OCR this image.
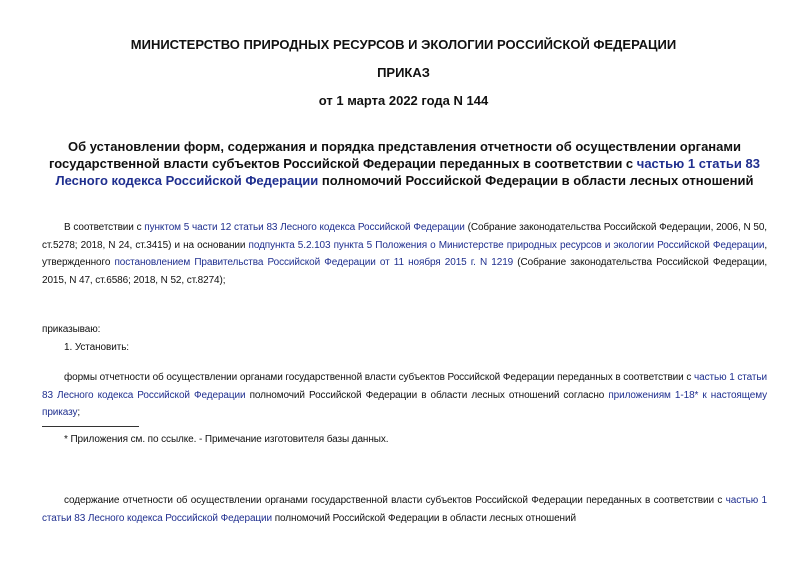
МИНИСТЕРСТВО ПРИРОДНЫХ РЕСУРСОВ И ЭКОЛОГИИ РОССИЙСКОЙ ФЕДЕРАЦИИ
ПРИКАЗ
от 1 марта 2022 года N 144
Об установлении форм, содержания и порядка представления отчетности об осуществлении органами государственной власти субъектов Российской Федерации переданных в соответствии с частью 1 статьи 83 Лесного кодекса Российской Федерации полномочий Российской Федерации в области лесных отношений
В соответствии с пунктом 5 части 12 статьи 83 Лесного кодекса Российской Федерации (Собрание законодательства Российской Федерации, 2006, N 50, ст.5278; 2018, N 24, ст.3415) и на основании подпункта 5.2.103 пункта 5 Положения о Министерстве природных ресурсов и экологии Российской Федерации, утвержденного постановлением Правительства Российской Федерации от 11 ноября 2015 г. N 1219 (Собрание законодательства Российской Федерации, 2015, N 47, ст.6586; 2018, N 52, ст.8274);
приказываю:
1. Установить:
формы отчетности об осуществлении органами государственной власти субъектов Российской Федерации переданных в соответствии с частью 1 статьи 83 Лесного кодекса Российской Федерации полномочий Российской Федерации в области лесных отношений согласно приложениям 1-18* к настоящему приказу;
* Приложения см. по ссылке. - Примечание изготовителя базы данных.
содержание отчетности об осуществлении органами государственной власти субъектов Российской Федерации переданных в соответствии с частью 1 статьи 83 Лесного кодекса Российской Федерации полномочий Российской Федерации в области лесных отношений
